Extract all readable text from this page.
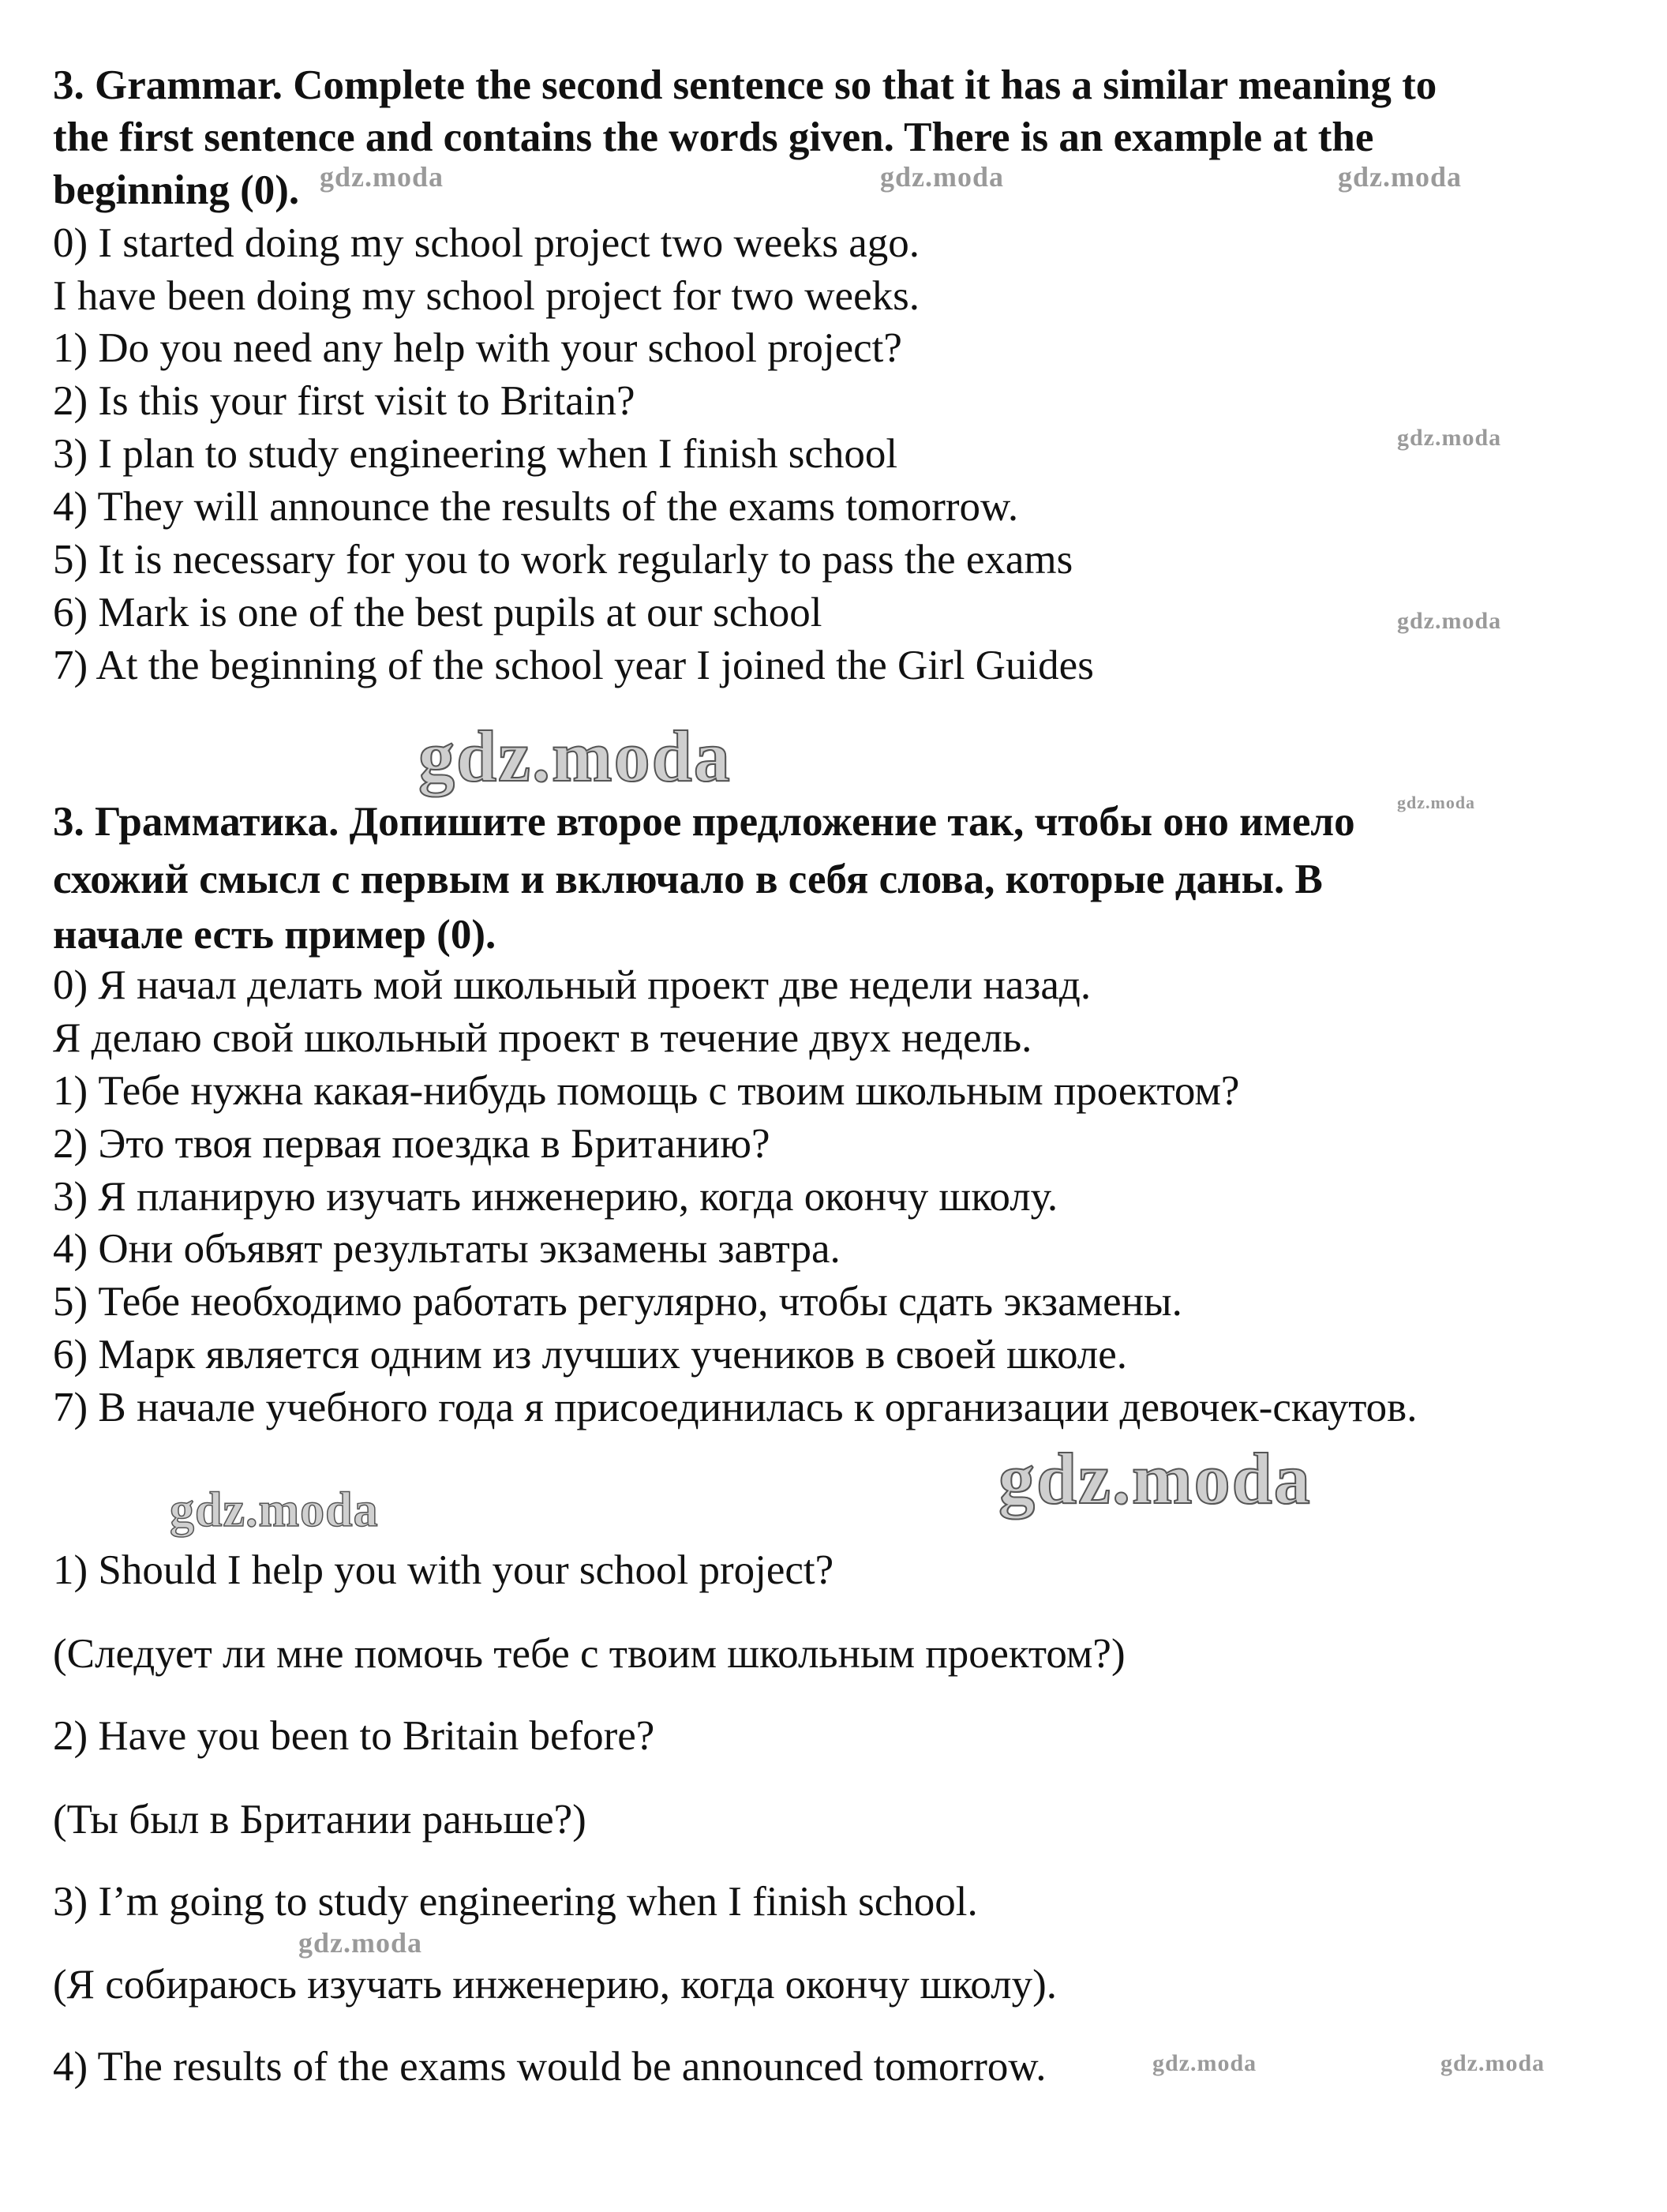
3. Grammar. Complete the second sentence so that it has a similar meaning to
the first sentence and contains the words given. There is an example at the
beginning (0).
0) I started doing my school project two weeks ago.
I have been doing my school project for two weeks.
1) Do you need any help with your school project?
2) Is this your first visit to Britain?
3) I plan to study engineering when I finish school
4) They will announce the results of the exams tomorrow.
5) It is necessary for you to work regularly to pass the exams
6) Mark is one of the best pupils at our school
7) At the beginning of the school year I joined the Girl Guides
3. Грамматика. Допишите второе предложение так, чтобы оно имело
схожий смысл с первым и включало в себя слова, которые даны. В
начале есть пример (0).
0) Я начал делать мой школьный проект две недели назад.
Я делаю свой школьный проект в течение двух недель.
1) Тебе нужна какая-нибудь помощь с твоим школьным проектом?
2) Это твоя первая поездка в Британию?
3) Я планирую изучать инженерию, когда окончу школу.
4) Они объявят результаты экзамены завтра.
5) Тебе необходимо работать регулярно, чтобы сдать экзамены.
6) Марк является одним из лучших учеников в своей школе.
7) В начале учебного года я присоединилась к организации девочек-скаутов.
1) Should I help you with your school project?
(Следует ли мне помочь тебе с твоим школьным проектом?)
2) Have you been to Britain before?
(Ты был в Британии раньше?)
3) I’m going to study engineering when I finish school.
(Я собираюсь изучать инженерию, когда окончу школу).
4) The results of the exams would be announced tomorrow.
gdz.moda	gdz.moda	gdz.moda
gdz.moda
gdz.moda
gdz.moda
gdz.moda
gdz.moda
gdz.moda
gdz.moda
gdz.moda	gdz.moda
